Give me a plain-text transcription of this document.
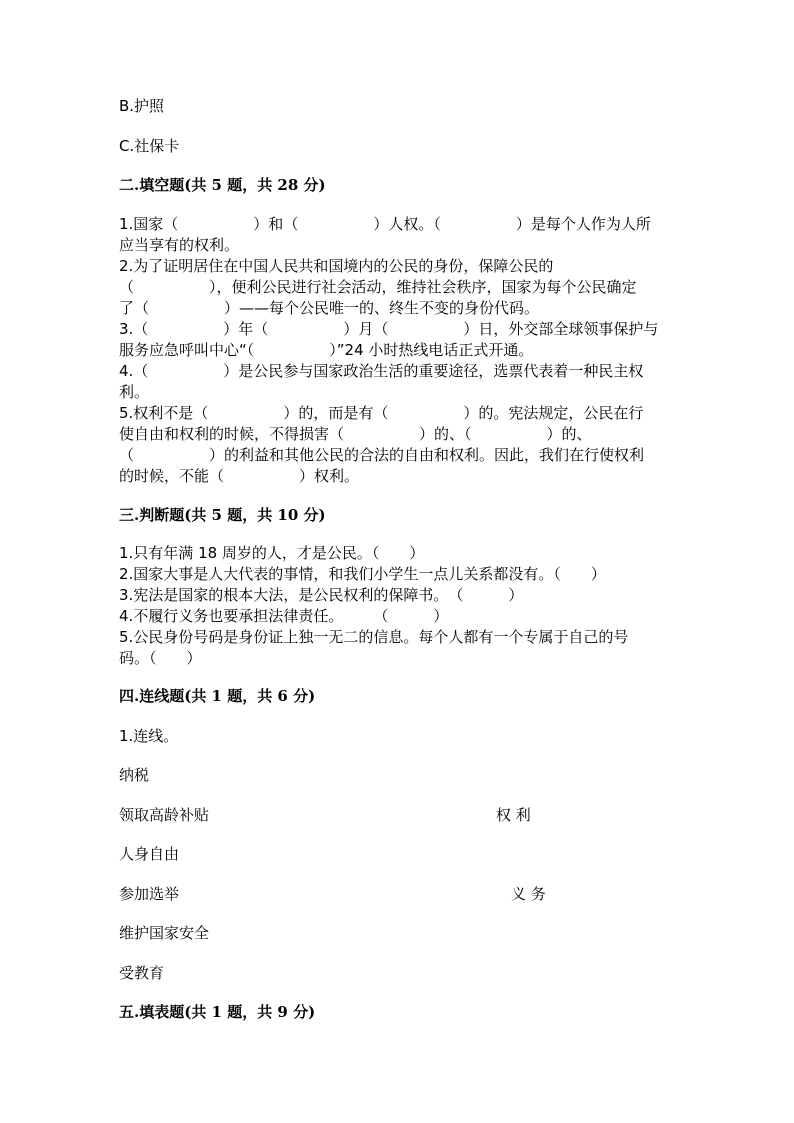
B.护照
C.社保卡
二.填空题(共 5 题，共 28 分)
1.国家（　　　　　）和（　　　　　）人权。（　　　　　）是每个人作为人所
应当享有的权利。
2.为了证明居住在中国人民共和国境内的公民的身份，保障公民的
（　　　　　），便利公民进行社会活动，维持社会秩序，国家为每个公民确定
了（　　　　　）——每个公民唯一的、终生不变的身份代码。
3.（　　　　　）年（　　　　　）月（　　　　　）日，外交部全球领事保护与
服务应急呼叫中心“（　　　　　）”24 小时热线电话正式开通。
4.（　　　　　）是公民参与国家政治生活的重要途径，选票代表着一种民主权
利。
5.权利不是（　　　　　）的，而是有（　　　　　）的。宪法规定，公民在行
使自由和权利的时候，不得损害（　　　　　）的、（　　　　　）的、
（　　　　　）的利益和其他公民的合法的自由和权利。因此，我们在行使权利
的时候，不能（　　　　　）权利。
三.判断题(共 5 题，共 10 分)
1.只有年满 18 周岁的人，才是公民。（　　）
2.国家大事是人大代表的事情，和我们小学生一点儿关系都没有。（　　）
3.宪法是国家的根本大法，是公民权利的保障书。　（　　　）
4.不履行义务也要承担法律责任。　　　（　　　）
5.公民身份号码是身份证上独一无二的信息。每个人都有一个专属于自己的号
码。（　　）
四.连线题(共 1 题，共 6 分)
1.连线。
纳税
领取高龄补贴	权 利
人身自由
参加选举	义 务
维护国家安全
受教育
五.填表题(共 1 题，共 9 分)
